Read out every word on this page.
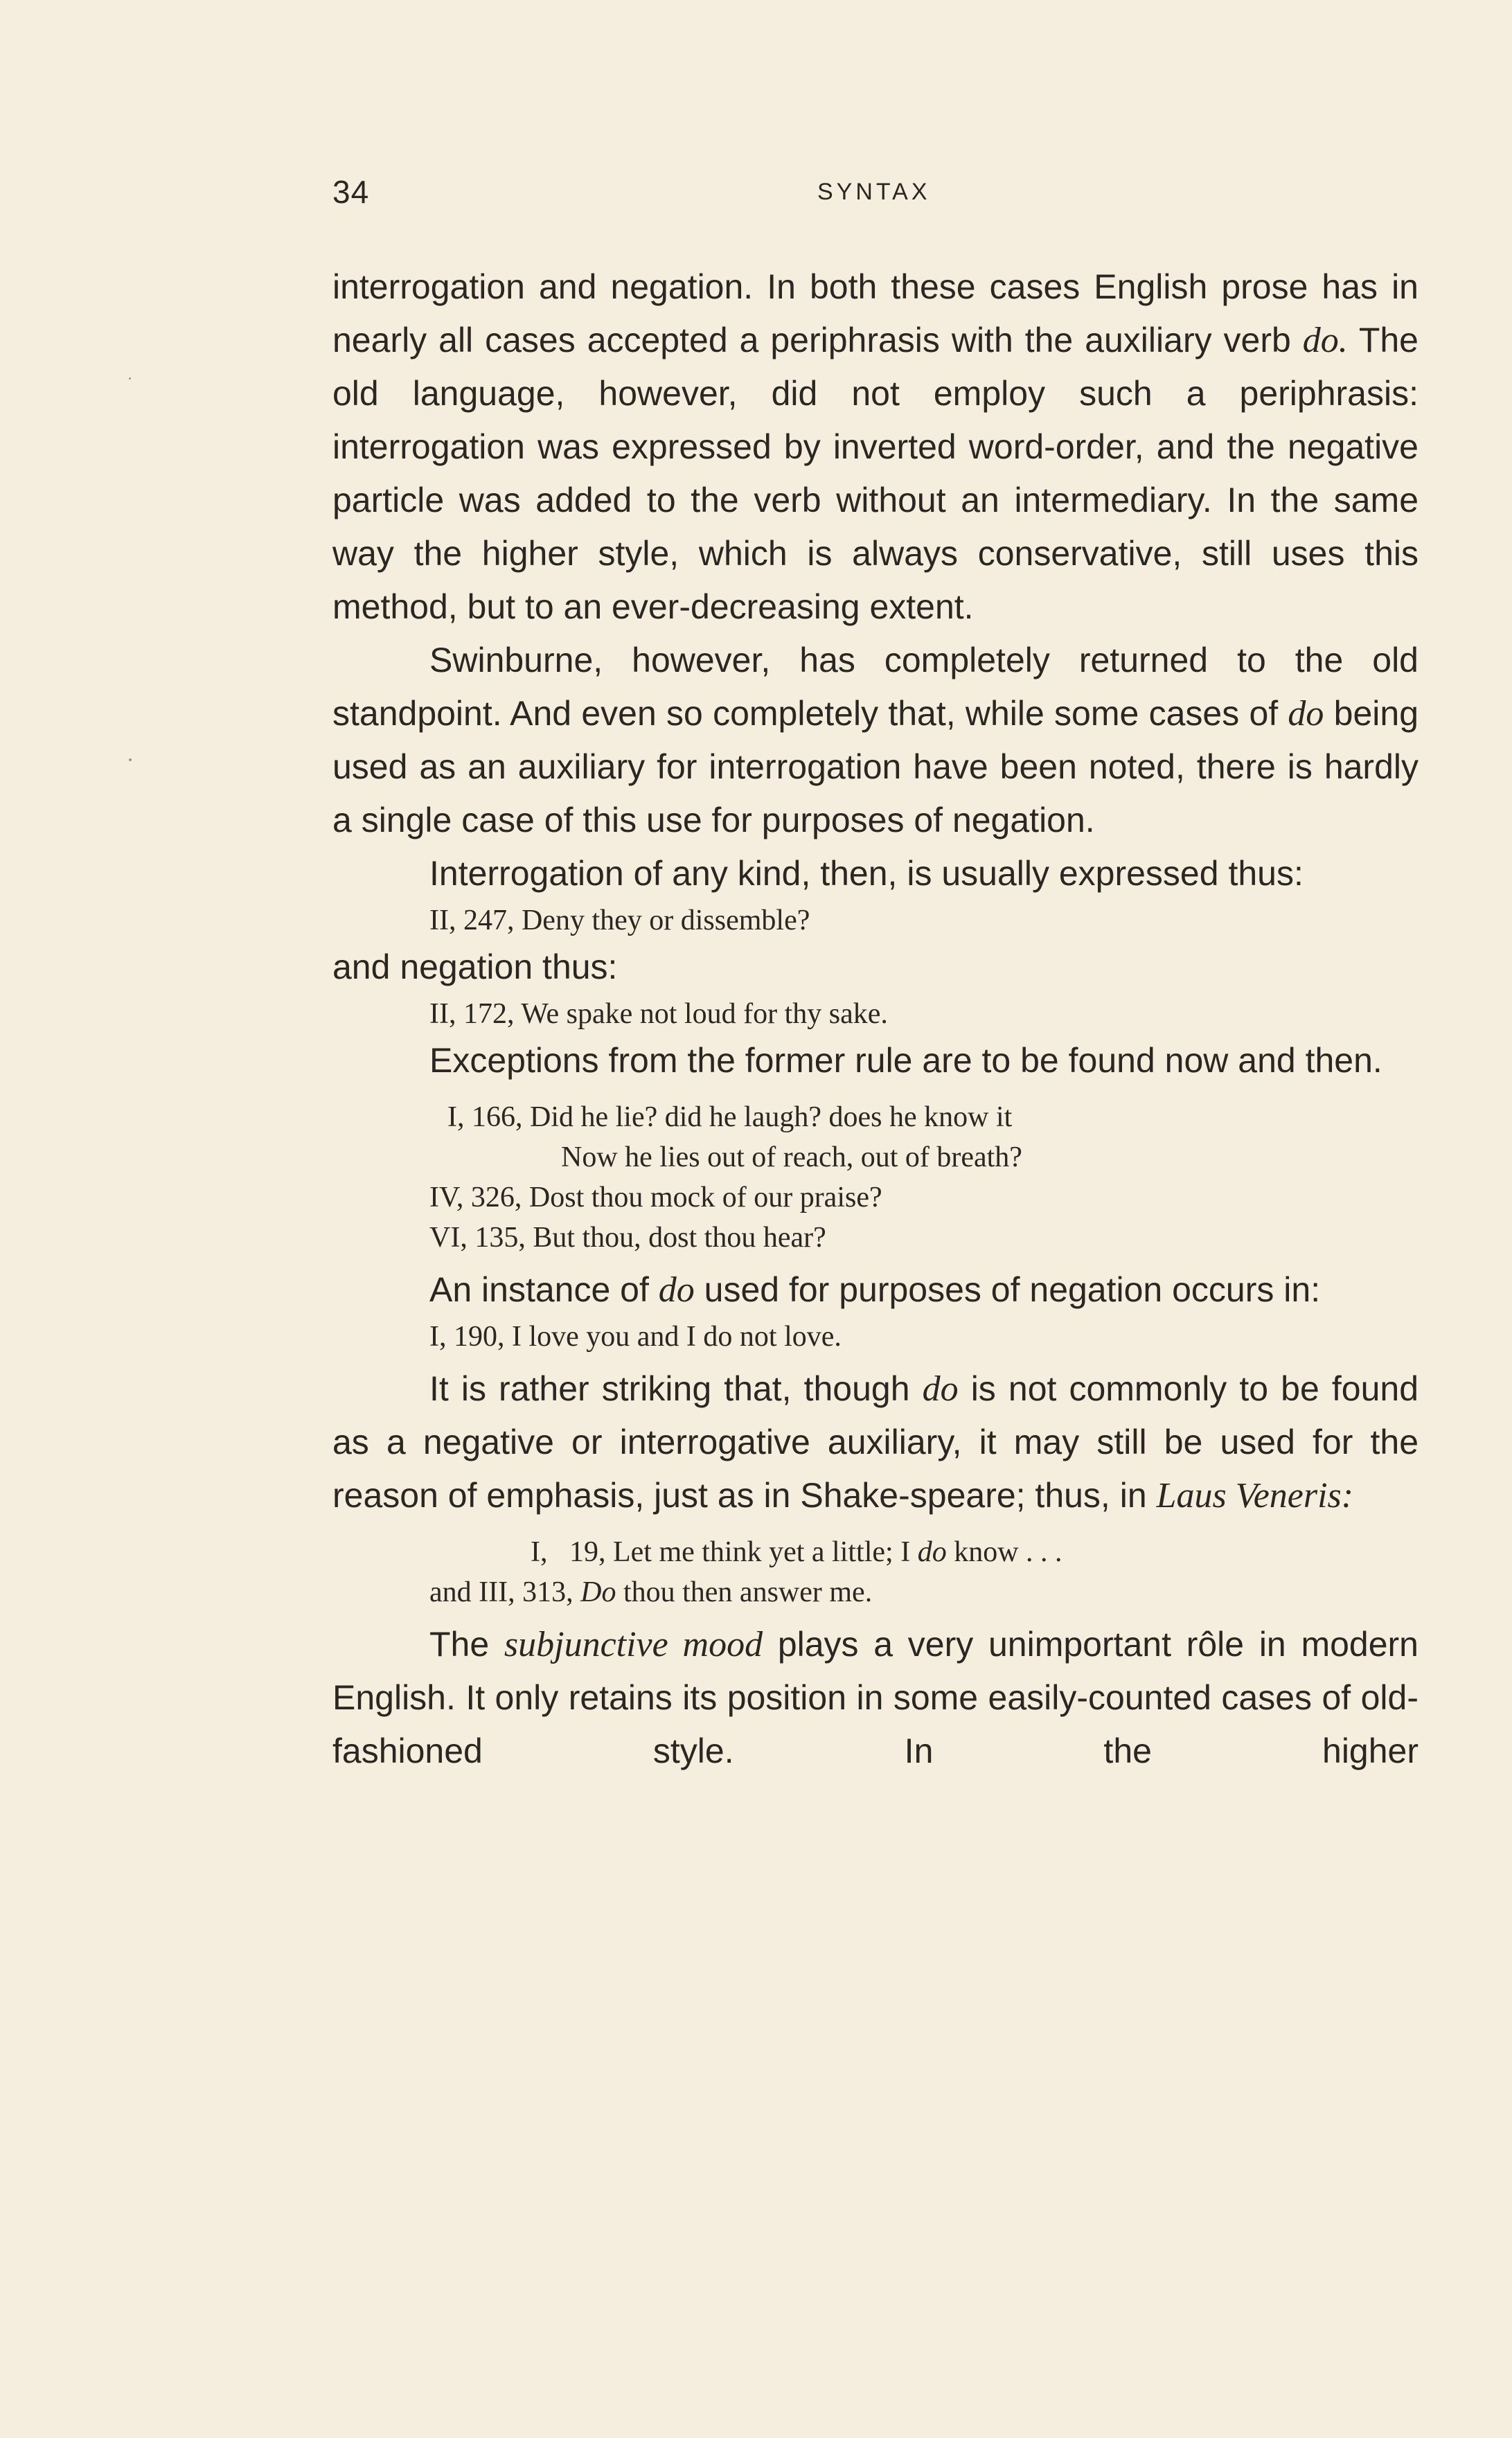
34	SYNTAX

interrogation and negation. In both these cases English prose has in nearly all cases accepted a periphrasis with the auxiliary verb do. The old language, however, did not employ such a periphrasis: interrogation was expressed by inverted word-order, and the negative particle was added to the verb without an intermediary. In the same way the higher style, which is always conservative, still uses this method, but to an ever-decreasing extent.

Swinburne, however, has completely returned to the old standpoint. And even so completely that, while some cases of do being used as an auxiliary for interrogation have been noted, there is hardly a single case of this use for purposes of negation.

Interrogation of any kind, then, is usually expressed thus:

II, 247, Deny they or dissemble?

and negation thus:

II, 172, We spake not loud for thy sake.

Exceptions from the former rule are to be found now and then.

I, 166, Did he lie? did he laugh? does he know it

Now he lies out of reach, out of breath?

IV, 326, Dost thou mock of our praise?

VI, 135, But thou, dost thou hear?

An instance of do used for purposes of negation occurs in:

I, 190, I love you and I do not love.

It is rather striking that, though do is not commonly to be found as a negative or interrogative auxiliary, it may still be used for the reason of emphasis, just as in Shake-speare; thus, in Laus Veneris:

I,   19, Let me think yet a little; I do know . . .

and III, 313, Do thou then answer me.

The subjunctive mood plays a very unimportant rôle in modern English. It only retains its position in some easily-counted cases of old-fashioned style. In the higher
